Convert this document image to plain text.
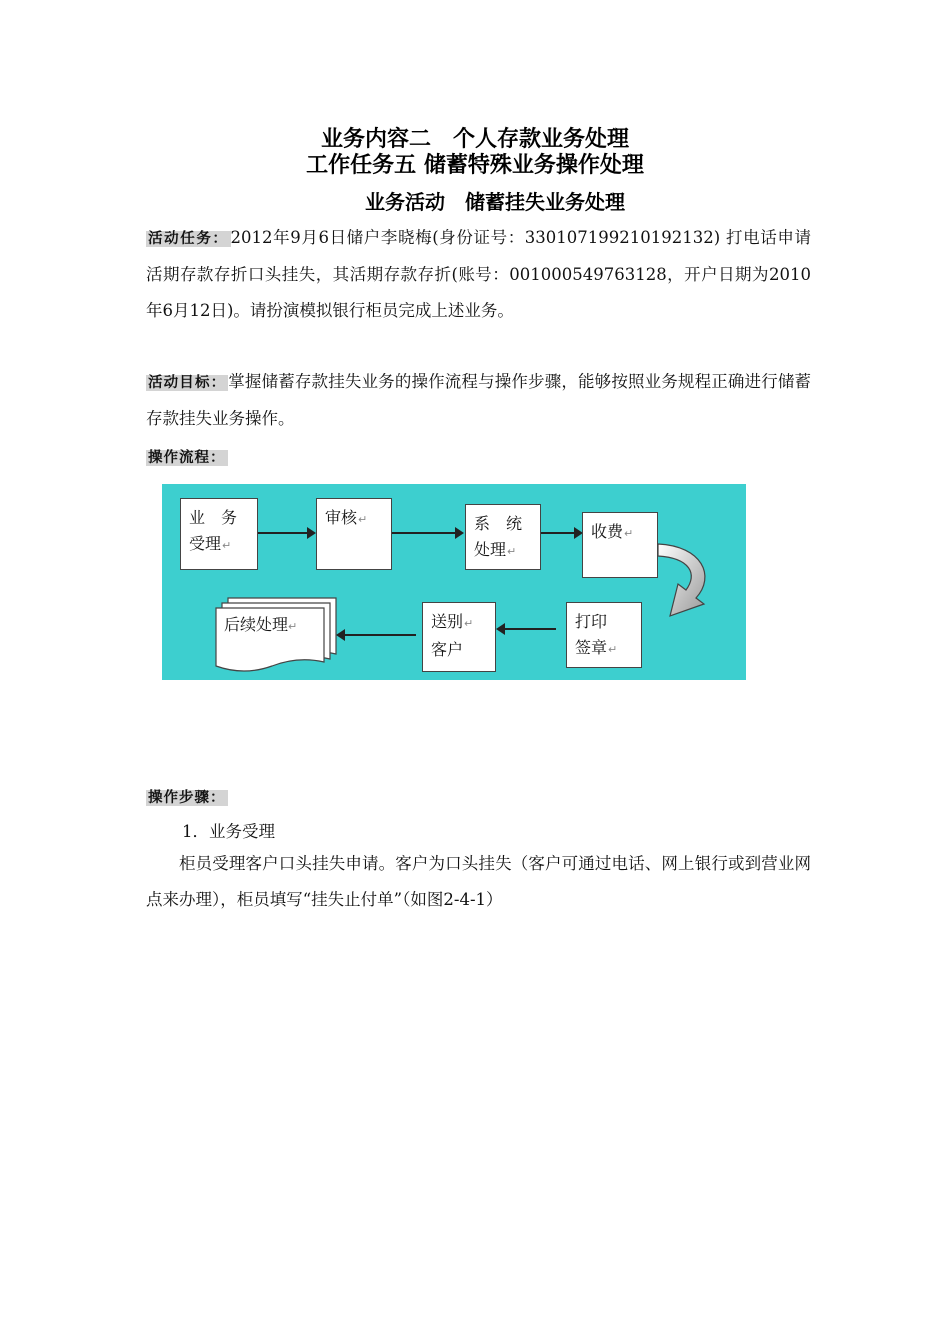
业务内容二　个人存款业务处理
工作任务五 储蓄特殊业务操作处理
业务活动　储蓄挂失业务处理
活动任务： 2012年9月6日储户李晓梅(身份证号：330107199210192132) 打电话申请活期存款存折口头挂失，其活期存款存折(账号：001000549763128，开户日期为2010年6月12日)。请扮演模拟银行柜员完成上述业务。
活动目标： 掌握储蓄存款挂失业务的操作流程与操作步骤，能够按照业务规程正确进行储蓄存款挂失业务操作。
操作流程：
业　务
受理↵
审核↵	系　统
处理↵
收费↵
打印
签章↵
送别↵
客户
后续处理↵
操作步骤：
1．业务受理
柜员受理客户口头挂失申请。客户为口头挂失（客户可通过电话、网上银行或到营业网点来办理），柜员填写“挂失止付单”（如图2-4-1）
